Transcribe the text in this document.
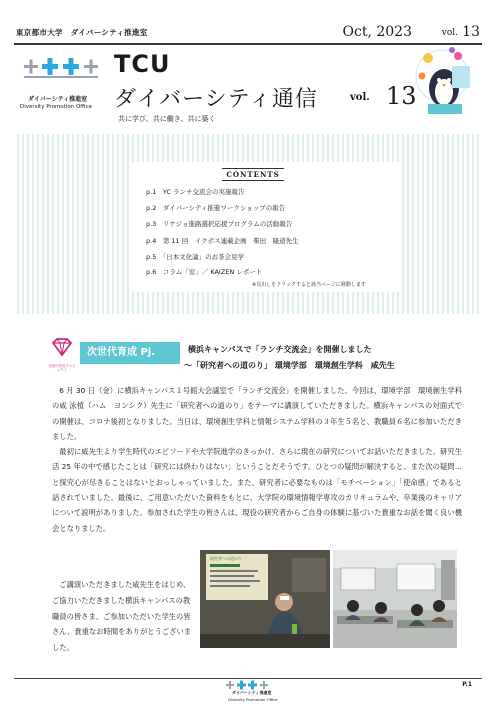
東京都市大学　ダイバーシティ推進室	Oct, 2023	vol. 13
ダイバーシティ推進室
Diversity Promotion Office
TCU
ダイバーシティ通信
共に学び、共に働き、共に築く
vol. 13
CONTENTS
p.1　YC ランチ交流会の実施報告
p.2　ダイバーシティ推進ワークショップの報告
p.3　リケジョ進路選択応援プログラムの活動報告
p.4　第 11 回　イクボス連載企画　柴田　隆道先生
p.5　「日本文化論」のお茶会見学
p.6　コラム「窓」／ KAIZEN レポート
※見出しをクリックすると該当ページに移動します
次世代育成プロジェクト
次世代育成 Pj.	横浜キャンパスで「ランチ交流会」を開催しました
～「研究者への道のり」 環境学部　環境創生学科　咸先生

6 月 30 日（金）に横浜キャンパス１号館大会議室で「ランチ交流会」を開催しました。今回は、環境学部　環境創生学科の咸 泳植（ハム　ヨンシク）先生に「研究者への道のり」をテーマに講演していただきました。横浜キャンパスの対面式での開催は、コロナ後初となりました。当日は、環境創生学科と情報システム学科の３年生５名と、教職員６名に参加いただきました。

最初に咸先生より学生時代のエピソードや大学院進学のきっかけ、さらに現在の研究についてお話いただきました。研究生活 25 年の中で感じたことは「研究には終わりはない」ということだそうです。ひとつの疑問が解決すると、また次の疑問…と探究心が尽きることはないとおっしゃっていました。また、研究者に必要なものは「モチベーション」「使命感」であると話されていました。最後に、ご用意いただいた資料をもとに、大学院の環境情報学専攻のカリキュラムや、卒業後のキャリアについて説明がありました。参加された学生の皆さんは、現役の研究者からご自身の体験に基づいた貴重なお話を聞く良い機会となりました。

ご講演いただきました咸先生をはじめ、ご協力いただきました横浜キャンパスの教職員の皆さま、ご参加いただいた学生の皆さん、貴重なお時間をありがとうございました。

研究者への道のり
ダイバーシティ推進室
Diversity Promotion Office
P.1
